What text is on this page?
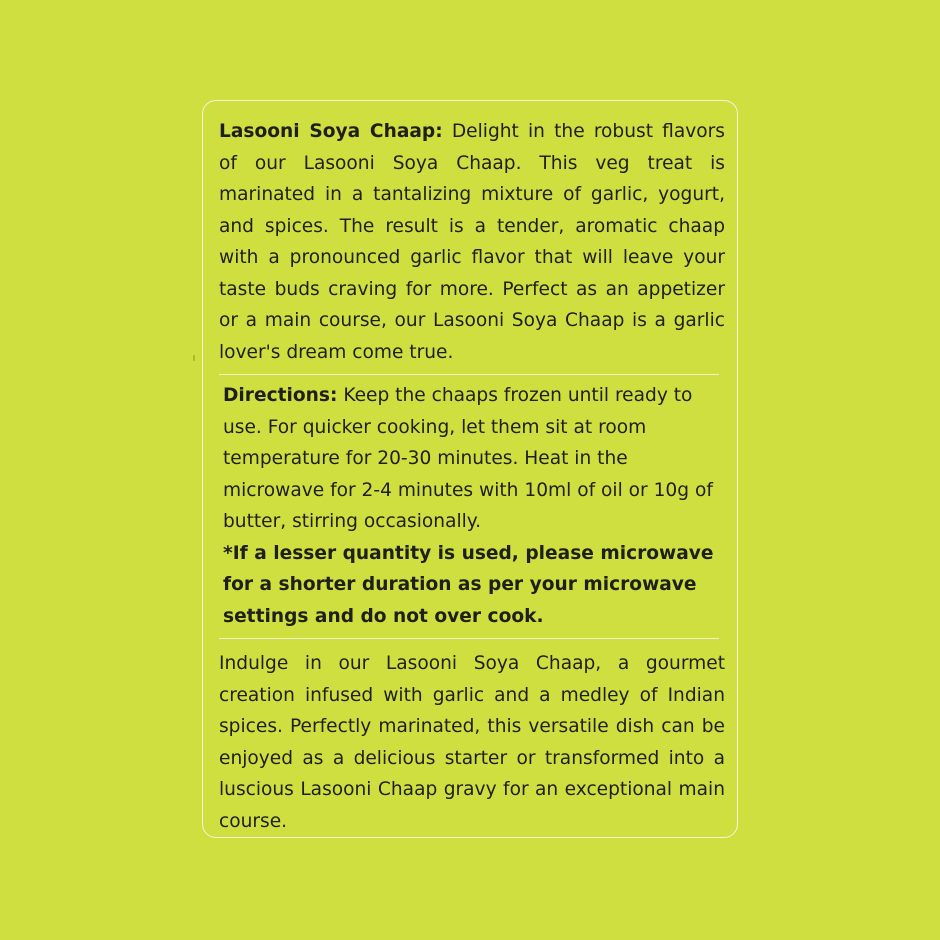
Lasooni Soya Chaap: Delight in the robust flavors of our Lasooni Soya Chaap. This veg treat is marinated in a tantalizing mixture of garlic, yogurt, and spices. The result is a tender, aromatic chaap with a pronounced garlic flavor that will leave your taste buds craving for more. Perfect as an appetizer or a main course, our Lasooni Soya Chaap is a garlic lover's dream come true.
Directions: Keep the chaaps frozen until ready to use. For quicker cooking, let them sit at room temperature for 20-30 minutes. Heat in the microwave for 2-4 minutes with 10ml of oil or 10g of butter, stirring occasionally.
*If a lesser quantity is used, please microwave for a shorter duration as per your microwave settings and do not over cook.
Indulge in our Lasooni Soya Chaap, a gourmet creation infused with garlic and a medley of Indian spices. Perfectly marinated, this versatile dish can be enjoyed as a delicious starter or transformed into a luscious Lasooni Chaap gravy for an exceptional main course.
